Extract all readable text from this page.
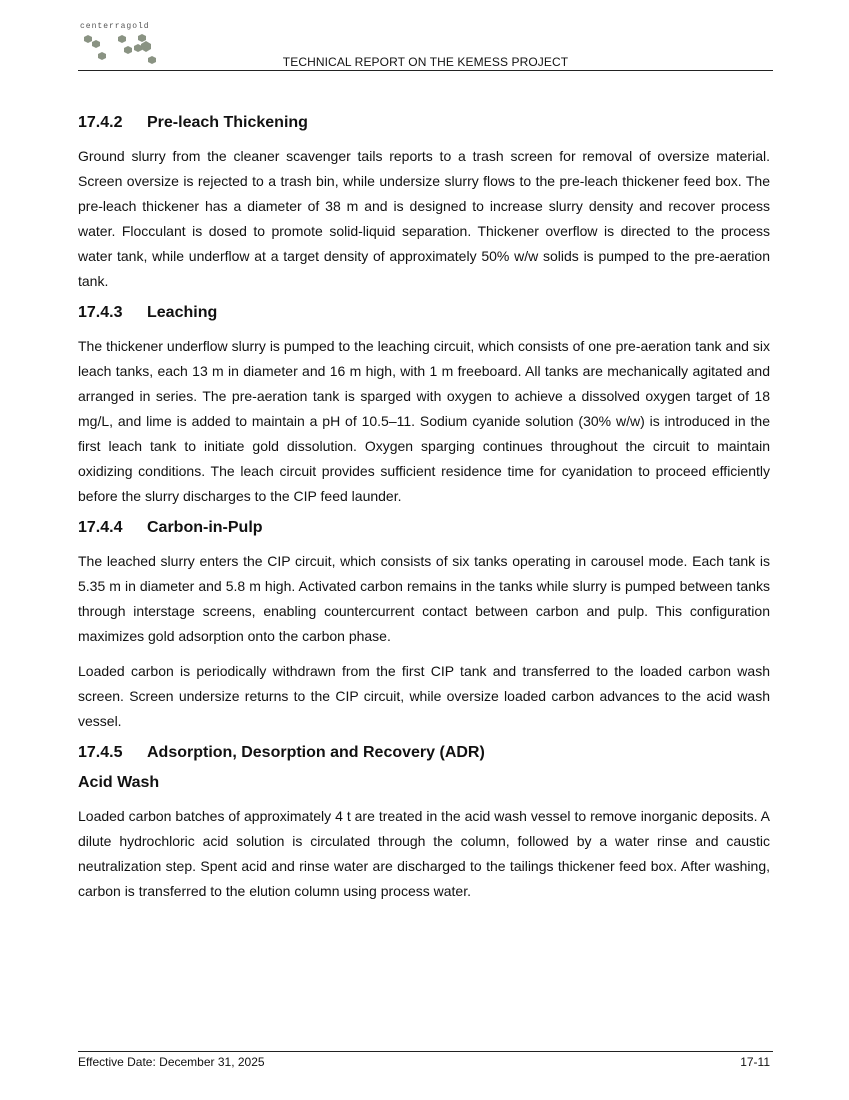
centerragold
TECHNICAL REPORT ON THE KEMESS PROJECT
17.4.2 Pre-leach Thickening

Ground slurry from the cleaner scavenger tails reports to a trash screen for removal of oversize material. Screen oversize is rejected to a trash bin, while undersize slurry flows to the pre-leach thickener feed box. The pre-leach thickener has a diameter of 38 m and is designed to increase slurry density and recover process water. Flocculant is dosed to promote solid-liquid separation. Thickener overflow is directed to the process water tank, while underflow at a target density of approximately 50% w/w solids is pumped to the pre-aeration tank.

17.4.3 Leaching

The thickener underflow slurry is pumped to the leaching circuit, which consists of one pre-aeration tank and six leach tanks, each 13 m in diameter and 16 m high, with 1 m freeboard. All tanks are mechanically agitated and arranged in series. The pre-aeration tank is sparged with oxygen to achieve a dissolved oxygen target of 18 mg/L, and lime is added to maintain a pH of 10.5–11. Sodium cyanide solution (30% w/w) is introduced in the first leach tank to initiate gold dissolution. Oxygen sparging continues throughout the circuit to maintain oxidizing conditions. The leach circuit provides sufficient residence time for cyanidation to proceed efficiently before the slurry discharges to the CIP feed launder.

17.4.4 Carbon-in-Pulp

The leached slurry enters the CIP circuit, which consists of six tanks operating in carousel mode. Each tank is 5.35 m in diameter and 5.8 m high. Activated carbon remains in the tanks while slurry is pumped between tanks through interstage screens, enabling countercurrent contact between carbon and pulp. This configuration maximizes gold adsorption onto the carbon phase.

Loaded carbon is periodically withdrawn from the first CIP tank and transferred to the loaded carbon wash screen. Screen undersize returns to the CIP circuit, while oversize loaded carbon advances to the acid wash vessel.

17.4.5 Adsorption, Desorption and Recovery (ADR)
Acid Wash

Loaded carbon batches of approximately 4 t are treated in the acid wash vessel to remove inorganic deposits. A dilute hydrochloric acid solution is circulated through the column, followed by a water rinse and caustic neutralization step. Spent acid and rinse water are discharged to the tailings thickener feed box. After washing, carbon is transferred to the elution column using process water.

Effective Date: December 31, 2025	17-11
